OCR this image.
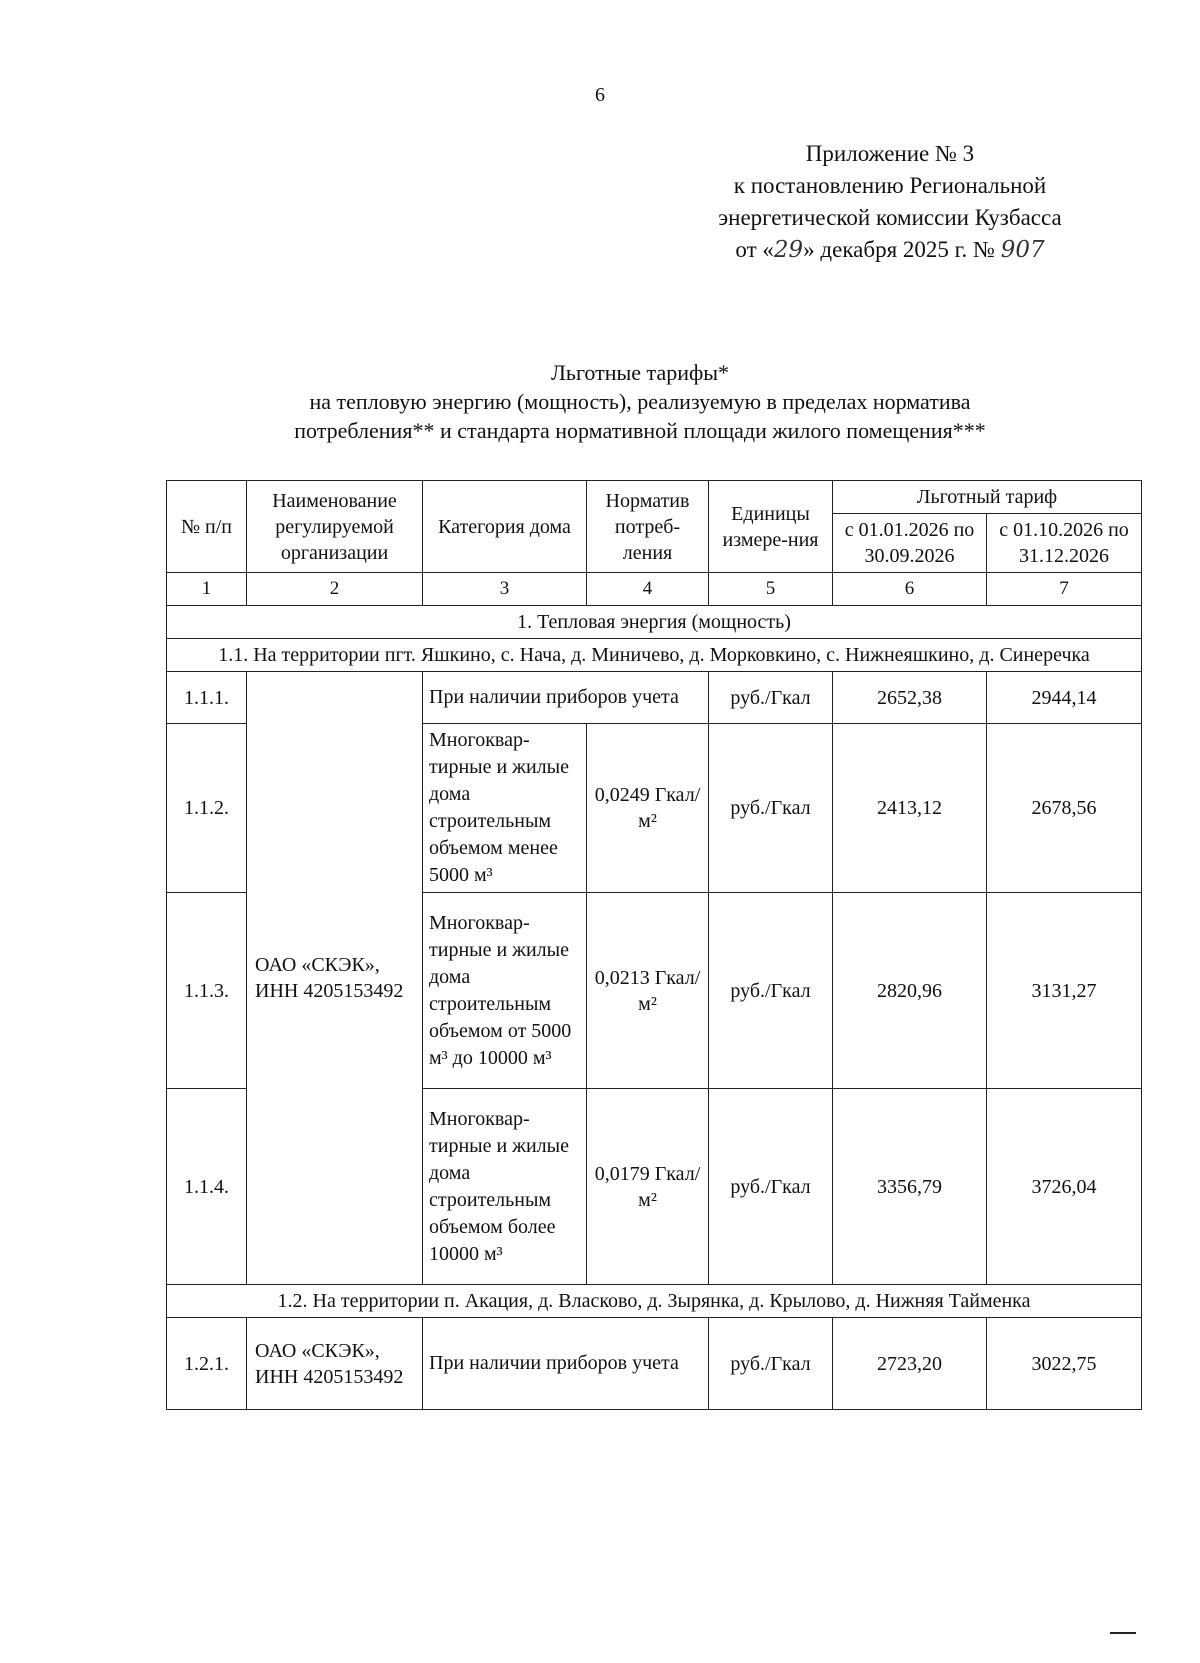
6
Приложение № 3
к постановлению Региональной
энергетической комиссии Кузбасса
от «29» декабря 2025 г. № 907
Льготные тарифы*
на тепловую энергию (мощность), реализуемую в пределах норматива
потребления** и стандарта нормативной площади жилого помещения***
№ п/п	Наименование регулируемой организации	Категория дома	Норматив потреб-ления	Единицы измере-ния	Льготный тариф	
					с 01.01.2026 по 30.09.2026	с 01.10.2026 по 31.12.2026
1	2	3	4	5	6	7
1. Тепловая энергия (мощность)						
1.1. На территории пгт. Яшкино, с. Нача, д. Миничево, д. Морковкино, с. Нижнеяшкино, д. Синеречка						
1.1.1.	ОАО «СКЭК», ИНН 4205153492	При наличии приборов учета		руб./Гкал	2652,38	2944,14
1.1.2.		Многоквар-тирные и жилые дома строительным объемом менее 5000 м³	0,0249 Гкал/м²	руб./Гкал	2413,12	2678,56
1.1.3.		Многоквар-тирные и жилые дома строительным объемом от 5000 м³ до 10000 м³	0,0213 Гкал/м²	руб./Гкал	2820,96	3131,27
1.1.4.		Многоквар-тирные и жилые дома строительным объемом более 10000 м³	0,0179 Гкал/м²	руб./Гкал	3356,79	3726,04
1.2. На территории п. Акация, д. Власково, д. Зырянка, д. Крылово, д. Нижняя Тайменка						
1.2.1.	ОАО «СКЭК», ИНН 4205153492	При наличии приборов учета		руб./Гкал	2723,20	3022,75
